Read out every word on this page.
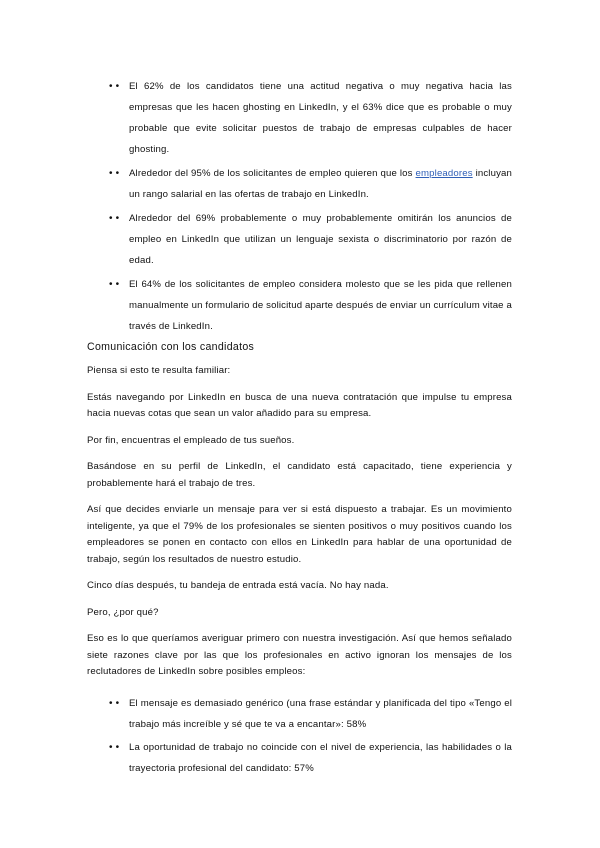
• • El 62% de los candidatos tiene una actitud negativa o muy negativa hacia las empresas que les hacen ghosting en LinkedIn, y el 63% dice que es probable o muy probable que evite solicitar puestos de trabajo de empresas culpables de hacer ghosting.
• • Alrededor del 95% de los solicitantes de empleo quieren que los empleadores incluyan un rango salarial en las ofertas de trabajo en LinkedIn.
• • Alrededor del 69% probablemente o muy probablemente omitirán los anuncios de empleo en LinkedIn que utilizan un lenguaje sexista o discriminatorio por razón de edad.
• • El 64% de los solicitantes de empleo considera molesto que se les pida que rellenen manualmente un formulario de solicitud aparte después de enviar un currículum vitae a través de LinkedIn.
Comunicación con los candidatos

Piensa si esto te resulta familiar:

Estás navegando por LinkedIn en busca de una nueva contratación que impulse tu empresa hacia nuevas cotas que sean un valor añadido para su empresa.

Por fin, encuentras el empleado de tus sueños.

Basándose en su perfil de LinkedIn, el candidato está capacitado, tiene experiencia y probablemente hará el trabajo de tres.

Así que decides enviarle un mensaje para ver si está dispuesto a trabajar. Es un movimiento inteligente, ya que el 79% de los profesionales se sienten positivos o muy positivos cuando los empleadores se ponen en contacto con ellos en LinkedIn para hablar de una oportunidad de trabajo, según los resultados de nuestro estudio.

Cinco días después, tu bandeja de entrada está vacía. No hay nada.

Pero, ¿por qué?

Eso es lo que queríamos averiguar primero con nuestra investigación. Así que hemos señalado siete razones clave por las que los profesionales en activo ignoran los mensajes de los reclutadores de LinkedIn sobre posibles empleos:

• • El mensaje es demasiado genérico (una frase estándar y planificada del tipo «Tengo el trabajo más increíble y sé que te va a encantar»: 58%
• • La oportunidad de trabajo no coincide con el nivel de experiencia, las habilidades o la trayectoria profesional del candidato: 57%
